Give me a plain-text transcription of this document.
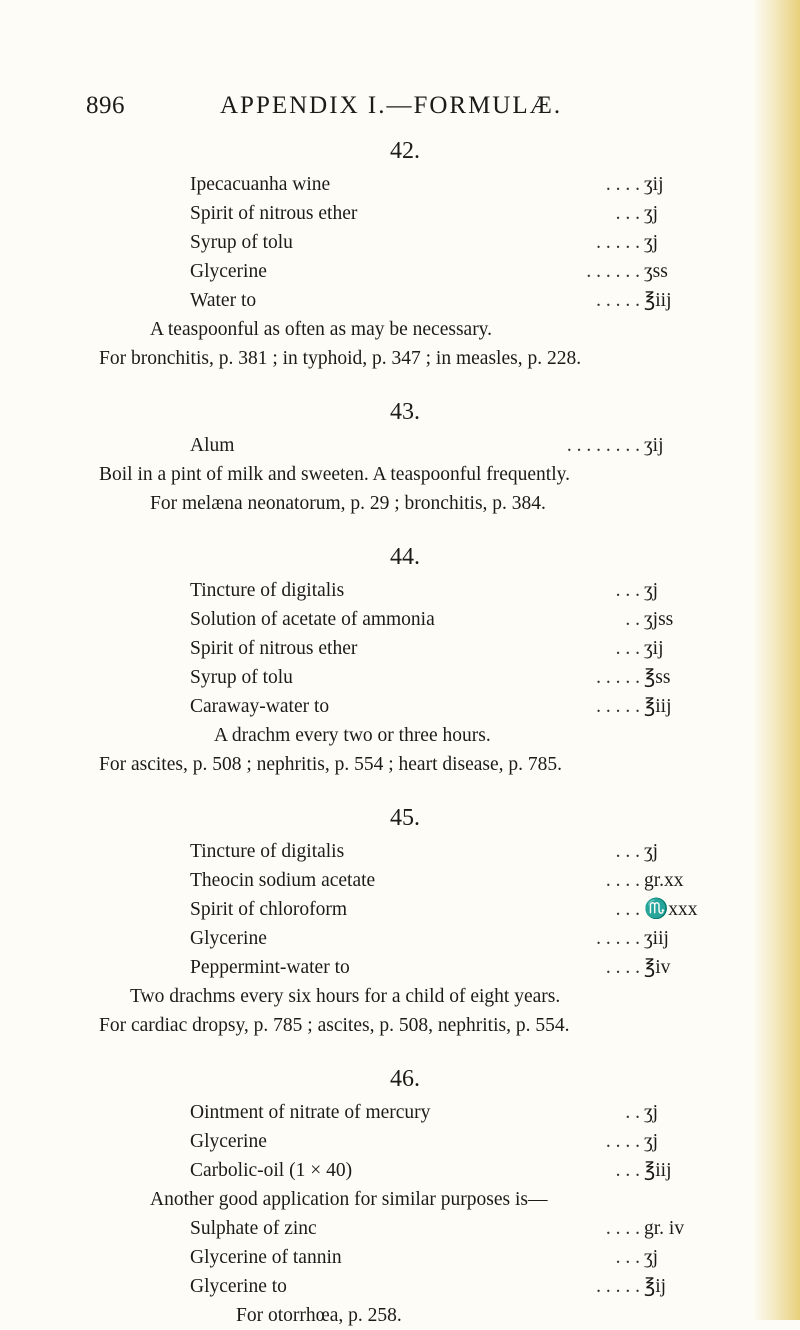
896	APPENDIX I.—FORMULÆ.
42.
Ipecacuanha wine	. . . . ʒij
Spirit of nitrous ether	. . . ʒj
Syrup of tolu	. . . . . ʒj
Glycerine	. . . . . . ʒss
Water to	. . . . . ℥iij
A teaspoonful as often as may be necessary.
For bronchitis, p. 381 ; in typhoid, p. 347 ; in measles, p. 228.
43.
Alum	. . . . . . . . ʒij
Boil in a pint of milk and sweeten. A teaspoonful frequently.
For melæna neonatorum, p. 29 ; bronchitis, p. 384.
44.
Tincture of digitalis	. . . ʒj
Solution of acetate of ammonia	. . ʒjss
Spirit of nitrous ether	. . . ʒij
Syrup of tolu	. . . . . ℥ss
Caraway-water to	. . . . . ℥iij
A drachm every two or three hours.
For ascites, p. 508 ; nephritis, p. 554 ; heart disease, p. 785.
45.
Tincture of digitalis	. . . ʒj
Theocin sodium acetate	. . . . gr.xx
Spirit of chloroform	. . . ♏xxx
Glycerine	. . . . . ʒiij
Peppermint-water to	. . . . ℥iv
Two drachms every six hours for a child of eight years.
For cardiac dropsy, p. 785 ; ascites, p. 508, nephritis, p. 554.
46.
Ointment of nitrate of mercury	. . ʒj
Glycerine	. . . . ʒj
Carbolic-oil (1 × 40)	. . . ℥iij
Another good application for similar purposes is—
Sulphate of zinc	. . . . gr. iv
Glycerine of tannin	. . . ʒj
Glycerine to	. . . . . ℥ij
For otorrhœa, p. 258.
